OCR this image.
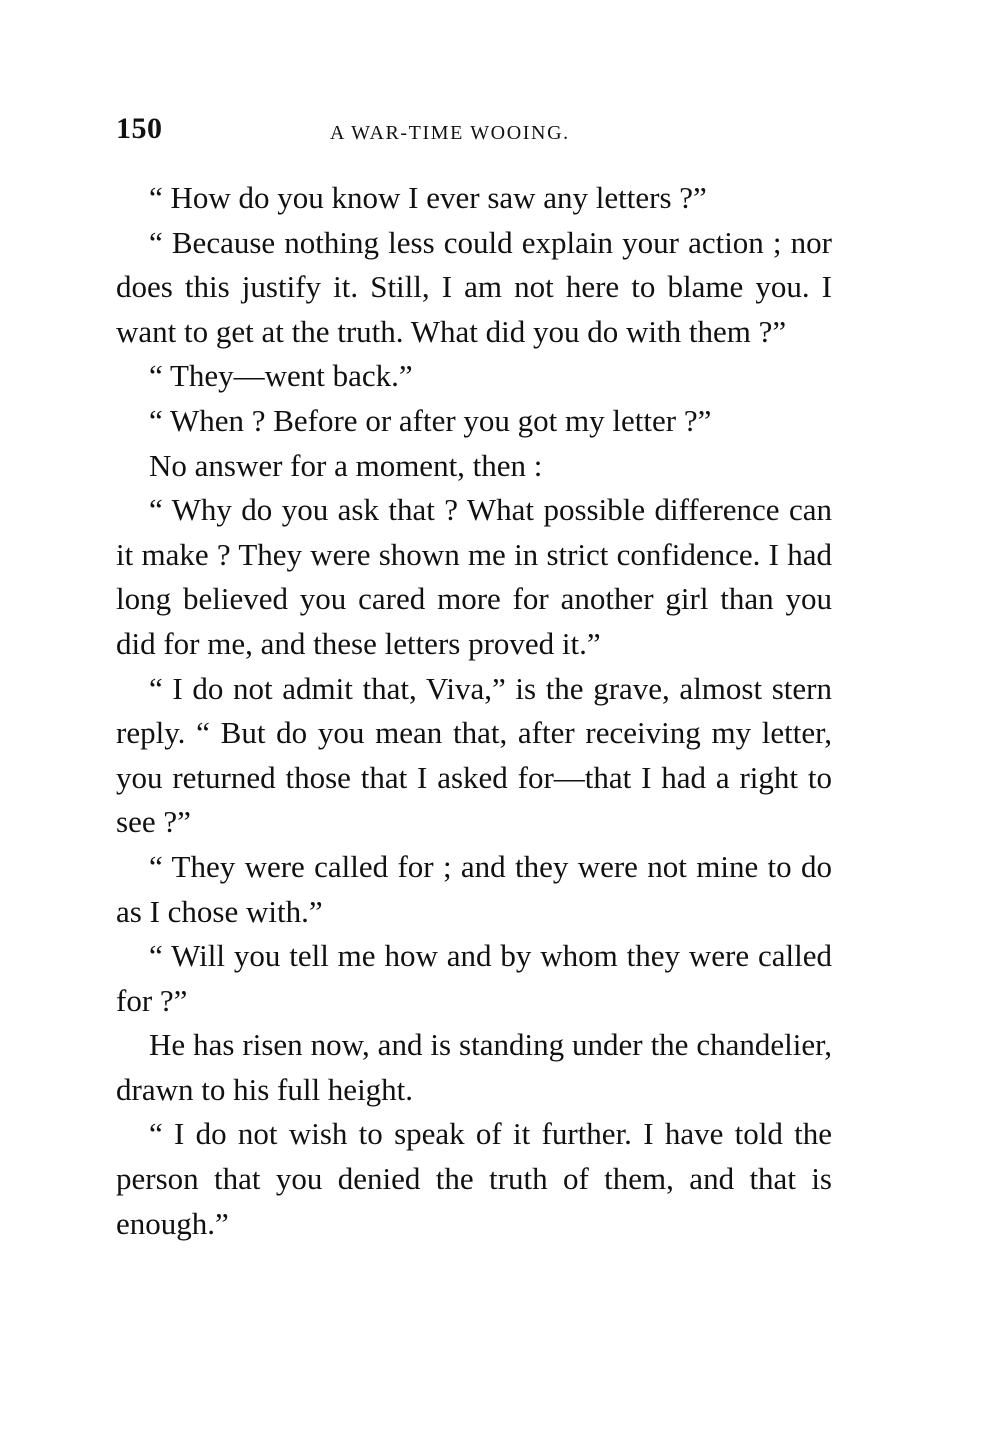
150	A WAR-TIME WOOING.

“ How do you know I ever saw any letters ?”

“ Because nothing less could explain your action ; nor does this justify it. Still, I am not here to blame you. I want to get at the truth. What did you do with them ?”

“ They—went back.”

“ When ? Before or after you got my letter ?”

No answer for a moment, then :

“ Why do you ask that ? What possible difference can it make ? They were shown me in strict confidence. I had long believed you cared more for another girl than you did for me, and these letters proved it.”

“ I do not admit that, Viva,” is the grave, almost stern reply. “ But do you mean that, after receiving my letter, you returned those that I asked for—that I had a right to see ?”

“ They were called for ; and they were not mine to do as I chose with.”

“ Will you tell me how and by whom they were called for ?”

He has risen now, and is standing under the chandelier, drawn to his full height.

“ I do not wish to speak of it further. I have told the person that you denied the truth of them, and that is enough.”
